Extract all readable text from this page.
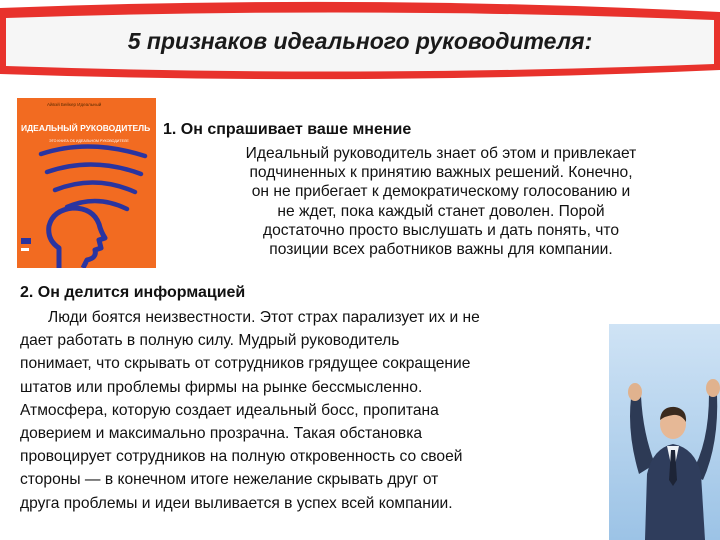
5 признаков идеального руководителя:
Айвэй Бейкер Идеальный
ИДЕАЛЬНЫЙ РУКОВОДИТЕЛЬ
ЭТО КНИГА ОБ ИДЕАЛЬНОМ РУКОВОДИТЕЛЕ
1. Он спрашивает ваше мнение
Идеальный руководитель знает об этом и привлекает
подчиненных к принятию важных решений. Конечно,
он не прибегает к демократическому голосованию и
не ждет, пока каждый станет доволен. Порой
достаточно просто выслушать и дать понять, что
позиции всех работников важны для компании.
2. Он делится информацией
Люди боятся неизвестности. Этот страх парализует их и не
дает работать в полную силу. Мудрый руководитель
понимает, что скрывать от сотрудников грядущее сокращение
штатов или проблемы фирмы на рынке бессмысленно.
Атмосфера, которую создает идеальный босс, пропитана
доверием и максимально прозрачна. Такая обстановка
провоцирует сотрудников на полную откровенность со своей
стороны — в конечном итоге нежелание скрывать друг от
друга проблемы и идеи выливается в успех всей компании.
